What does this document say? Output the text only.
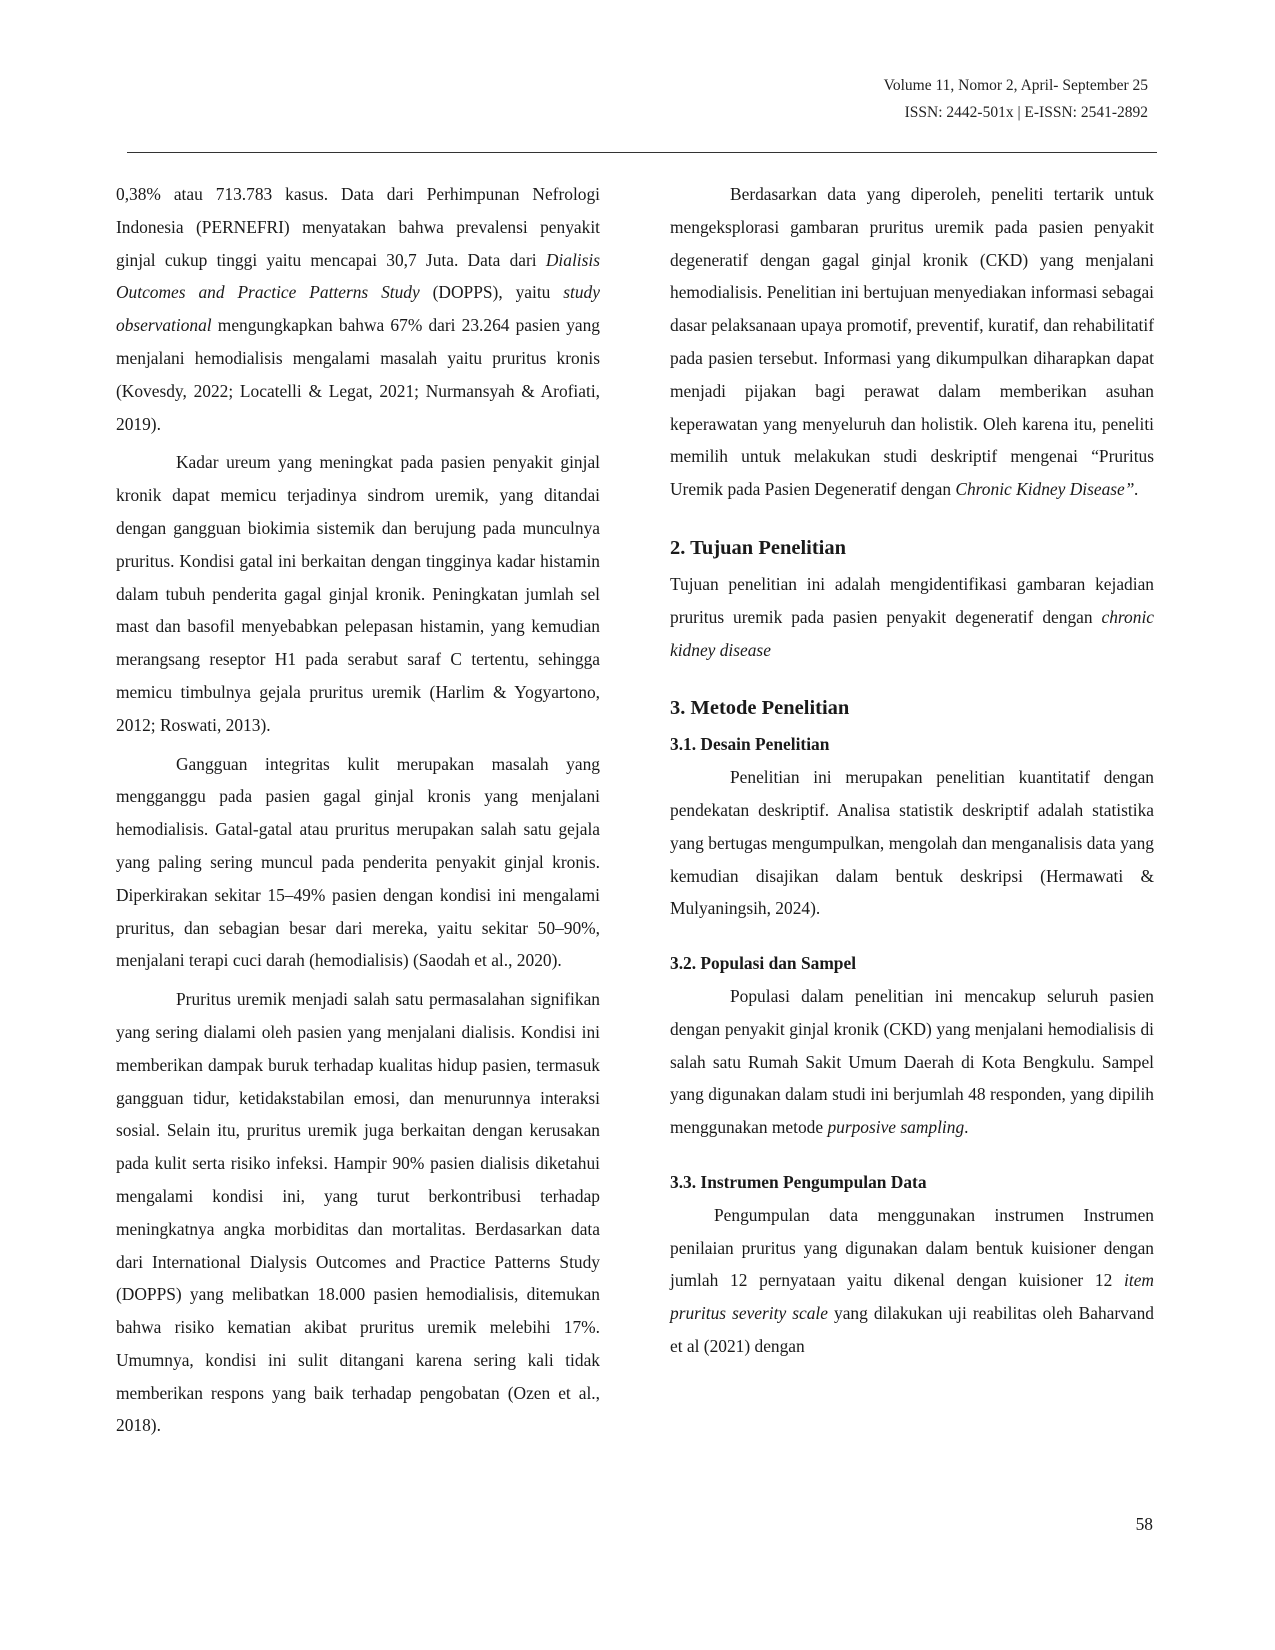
Volume 11, Nomor 2, April- September 25
ISSN: 2442-501x | E-ISSN: 2541-2892

0,38% atau 713.783 kasus. Data dari Perhimpunan Nefrologi Indonesia (PERNEFRI) menyatakan bahwa prevalensi penyakit ginjal cukup tinggi yaitu mencapai 30,7 Juta. Data dari Dialisis Outcomes and Practice Patterns Study (DOPPS), yaitu study observational mengungkapkan bahwa 67% dari 23.264 pasien yang menjalani hemodialisis mengalami masalah yaitu pruritus kronis (Kovesdy, 2022; Locatelli & Legat, 2021; Nurmansyah & Arofiati, 2019).

Kadar ureum yang meningkat pada pasien penyakit ginjal kronik dapat memicu terjadinya sindrom uremik, yang ditandai dengan gangguan biokimia sistemik dan berujung pada munculnya pruritus. Kondisi gatal ini berkaitan dengan tingginya kadar histamin dalam tubuh penderita gagal ginjal kronik. Peningkatan jumlah sel mast dan basofil menyebabkan pelepasan histamin, yang kemudian merangsang reseptor H1 pada serabut saraf C tertentu, sehingga memicu timbulnya gejala pruritus uremik (Harlim & Yogyartono, 2012; Roswati, 2013).

Gangguan integritas kulit merupakan masalah yang mengganggu pada pasien gagal ginjal kronis yang menjalani hemodialisis. Gatal-gatal atau pruritus merupakan salah satu gejala yang paling sering muncul pada penderita penyakit ginjal kronis. Diperkirakan sekitar 15–49% pasien dengan kondisi ini mengalami pruritus, dan sebagian besar dari mereka, yaitu sekitar 50–90%, menjalani terapi cuci darah (hemodialisis) (Saodah et al., 2020).

Pruritus uremik menjadi salah satu permasalahan signifikan yang sering dialami oleh pasien yang menjalani dialisis. Kondisi ini memberikan dampak buruk terhadap kualitas hidup pasien, termasuk gangguan tidur, ketidakstabilan emosi, dan menurunnya interaksi sosial. Selain itu, pruritus uremik juga berkaitan dengan kerusakan pada kulit serta risiko infeksi. Hampir 90% pasien dialisis diketahui mengalami kondisi ini, yang turut berkontribusi terhadap meningkatnya angka morbiditas dan mortalitas. Berdasarkan data dari International Dialysis Outcomes and Practice Patterns Study (DOPPS) yang melibatkan 18.000 pasien hemodialisis, ditemukan bahwa risiko kematian akibat pruritus uremik melebihi 17%. Umumnya, kondisi ini sulit ditangani karena sering kali tidak memberikan respons yang baik terhadap pengobatan (Ozen et al., 2018).

Berdasarkan data yang diperoleh, peneliti tertarik untuk mengeksplorasi gambaran pruritus uremik pada pasien penyakit degeneratif dengan gagal ginjal kronik (CKD) yang menjalani hemodialisis. Penelitian ini bertujuan menyediakan informasi sebagai dasar pelaksanaan upaya promotif, preventif, kuratif, dan rehabilitatif pada pasien tersebut. Informasi yang dikumpulkan diharapkan dapat menjadi pijakan bagi perawat dalam memberikan asuhan keperawatan yang menyeluruh dan holistik. Oleh karena itu, peneliti memilih untuk melakukan studi deskriptif mengenai “Pruritus Uremik pada Pasien Degeneratif dengan Chronic Kidney Disease”.

2. Tujuan Penelitian

Tujuan penelitian ini adalah mengidentifikasi gambaran kejadian pruritus uremik pada pasien penyakit degeneratif dengan chronic kidney disease

3. Metode Penelitian
3.1. Desain Penelitian

Penelitian ini merupakan penelitian kuantitatif dengan pendekatan deskriptif. Analisa statistik deskriptif adalah statistika yang bertugas mengumpulkan, mengolah dan menganalisis data yang kemudian disajikan dalam bentuk deskripsi (Hermawati & Mulyaningsih, 2024).

3.2. Populasi dan Sampel

Populasi dalam penelitian ini mencakup seluruh pasien dengan penyakit ginjal kronik (CKD) yang menjalani hemodialisis di salah satu Rumah Sakit Umum Daerah di Kota Bengkulu. Sampel yang digunakan dalam studi ini berjumlah 48 responden, yang dipilih menggunakan metode purposive sampling.

3.3. Instrumen Pengumpulan Data

Pengumpulan data menggunakan instrumen Instrumen penilaian pruritus yang digunakan dalam bentuk kuisioner dengan jumlah 12 pernyataan yaitu dikenal dengan kuisioner 12 item pruritus severity scale yang dilakukan uji reabilitas oleh Baharvand et al (2021) dengan

58
